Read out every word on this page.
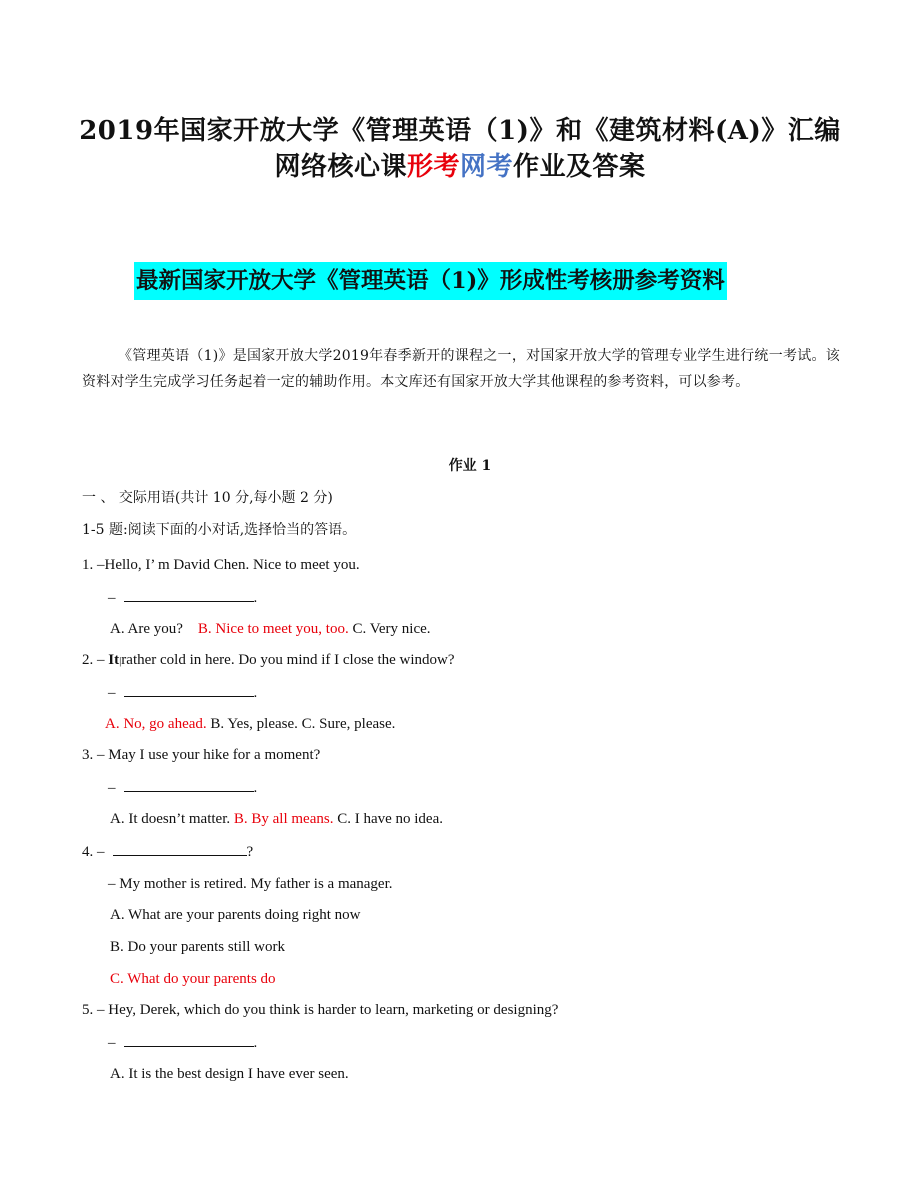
2019年国家开放大学《管理英语（1)》和《建筑材料(A)》汇编
网络核心课形考网考作业及答案
最新国家开放大学《管理英语（1)》形成性考核册参考资料
《管理英语（1)》是国家开放大学2019年春季新开的课程之一，对国家开放大学的管理专业学生进行统一考试。该资料对学生完成学习任务起着一定的辅助作用。本文库还有国家开放大学其他课程的参考资料，可以参考。
作业 1
一 、 交际用语(共计 10 分,每小题 2 分)
1-5 题:阅读下面的小对话,选择恰当的答语。
1. –Hello, I’ m David Chen. Nice to meet you.
–	.
A. Are you? B. Nice to meet you, too. C. Very nice.
2. – It|rather cold in here. Do you mind if I close the window?
–	.
A. No, go ahead. B. Yes, please. C. Sure, please.
3. – May I use your hike for a moment?
–	.
A. It doesn’t matter. B. By all means. C. I have no idea.
4. –	?
– My mother is retired. My father is a manager.
A. What are your parents doing right now
B. Do your parents still work
C. What do your parents do
5. – Hey, Derek, which do you think is harder to learn, marketing or designing?
–	.
A. It is the best design I have ever seen.
